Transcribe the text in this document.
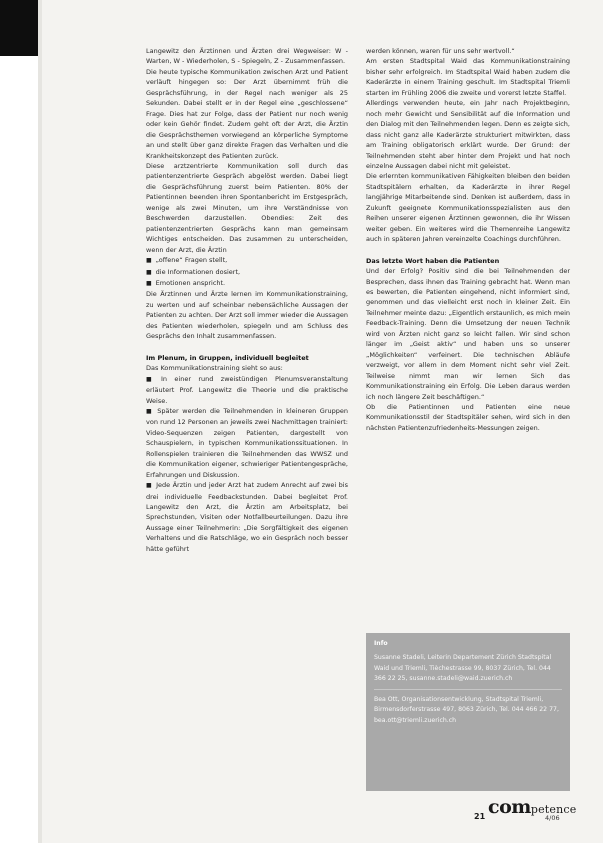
Langewitz den Ärztinnen und Ärzten drei Wegweiser: W - Warten, W - Wiederholen, S - Spiegeln, Z - Zusammenfassen.

Die heute typische Kommunikation zwischen Arzt und Patient verläuft hingegen so: Der Arzt übernimmt früh die Gesprächsführung, in der Regel nach weniger als 25 Sekunden. Dabei stellt er in der Regel eine „geschlossene“ Frage. Dies hat zur Folge, dass der Patient nur noch wenig oder kein Gehör findet. Zudem geht oft der Arzt, die Ärztin die Gesprächsthemen vorwiegend an körperliche Symptome an und stellt über ganz direkte Fragen das Verhalten und die Krankheitskonzept des Patienten zurück.

Diese arztzentrierte Kommunikation soll durch das patientenzentrierte Gespräch abgelöst werden. Dabei liegt die Gesprächsführung zuerst beim Patienten. 80% der Patientinnen beenden ihren Spontanbericht im Erstgespräch, wenige als zwei Minuten, um ihre Verständnisse von Beschwerden darzustellen. Obendies: Zeit des patientenzentrierten Gesprächs kann man gemeinsam Wichtiges entscheiden. Das zusammen zu unterscheiden, wenn der Arzt, die Ärztin

■ „offene“ Fragen stellt,

■ die Informationen dosiert,

■ Emotionen anspricht.

Die Ärztinnen und Ärzte lernen im Kommunikationstraining, zu werten und auf scheinbar nebensächliche Aussagen der Patienten zu achten. Der Arzt soll immer wieder die Aussagen des Patienten wiederholen, spiegeln und am Schluss des Gesprächs den Inhalt zusammenfassen.

Im Plenum, in Gruppen, individuell begleitet

Das Kommunikationstraining sieht so aus:

■ In einer rund zweistündigen Plenumsveranstaltung erläutert Prof. Langewitz die Theorie und die praktische Weise.

■ Später werden die Teilnehmenden in kleineren Gruppen von rund 12 Personen an jeweils zwei Nachmittagen trainiert: Video-Sequenzen zeigen Patienten, dargestellt von Schauspielern, in typischen Kommunikationssituationen. In Rollenspielen trainieren die Teilnehmenden das WWSZ und die Kommunikation eigener, schwieriger Patientengespräche, Erfahrungen und Diskussion.

■ Jede Ärztin und jeder Arzt hat zudem Anrecht auf zwei bis drei individuelle Feedbackstunden. Dabei begleitet Prof. Langewitz den Arzt, die Ärztin am Arbeitsplatz, bei Sprechstunden, Visiten oder Notfallbeurteilungen. Dazu ihre Aussage einer Teilnehmerin: „Die Sorgfältigkeit des eigenen Verhaltens und die Ratschläge, wo ein Gespräch noch besser hätte geführt

werden können, waren für uns sehr wertvoll.“

Am ersten Stadtspital Waid das Kommunikationstraining bisher sehr erfolgreich. Im Stadtspital Waid haben zudem die Kaderärzte in einem Training geschult. Im Stadtspital Triemli starten im Frühling 2006 die zweite und vorerst letzte Staffel.

Allerdings verwenden heute, ein Jahr nach Projektbeginn, noch mehr Gewicht und Sensibilität auf die Information und den Dialog mit den Teilnehmenden legen. Denn es zeigte sich, dass nicht ganz alle Kaderärzte strukturiert mitwirkten, dass am Training obligatorisch erklärt wurde. Der Grund: der Teilnehmenden steht aber hinter dem Projekt und hat noch einzelne Aussagen dabei nicht mit geleistet.

Die erlernten kommunikativen Fähigkeiten bleiben den beiden Stadtspitälern erhalten, da Kaderärzte in ihrer Regel langjährige Mitarbeitende sind. Denken ist außerdem, dass in Zukunft geeignete Kommunikationsspezialisten aus den Reihen unserer eigenen Ärztinnen gewonnen, die ihr Wissen weiter geben. Ein weiteres wird die Themenreihe Langewitz auch in späteren Jahren vereinzelte Coachings durchführen.

Das letzte Wort haben die Patienten

Und der Erfolg? Positiv sind die bei Teilnehmenden der Besprechen, dass ihnen das Training gebracht hat. Wenn man es bewerten, die Patienten eingehend, nicht informiert sind, genommen und das vielleicht erst noch in kleiner Zeit. Ein Teilnehmer meinte dazu: „Eigentlich erstaunlich, es mich mein Feedback-Training. Denn die Umsetzung der neuen Technik wird von Ärzten nicht ganz so leicht fallen. Wir sind schon länger im „Geist aktiv“ und haben uns so unserer „Möglichkeiten“ verfeinert. Die technischen Abläufe verzweigt, vor allem in dem Moment nicht sehr viel Zeit. Teilweise nimmt man wir lernen Sich das Kommunikationstraining ein Erfolg. Die Leben daraus werden ich noch längere Zeit beschäftigen.“

Ob die Patientinnen und Patienten eine neue Kommunikationsstil der Stadtspitäler sehen, wird sich in den nächsten Patientenzufriedenheits-Messungen zeigen.

Info

Susanne Stadeli, Leiterin Departement Zürich Stadtspital Waid und Triemli, Tièchestrasse 99, 8037 Zürich, Tel. 044 366 22 25, susanne.stadeli@waid.zuerich.ch

Bea Ott, Organisationsentwicklung, Stadtspital Triemli, Birmensdorferstrasse 497, 8063 Zürich, Tel. 044 466 22 77, bea.ott@triemli.zuerich.ch

21 competence
4/06
